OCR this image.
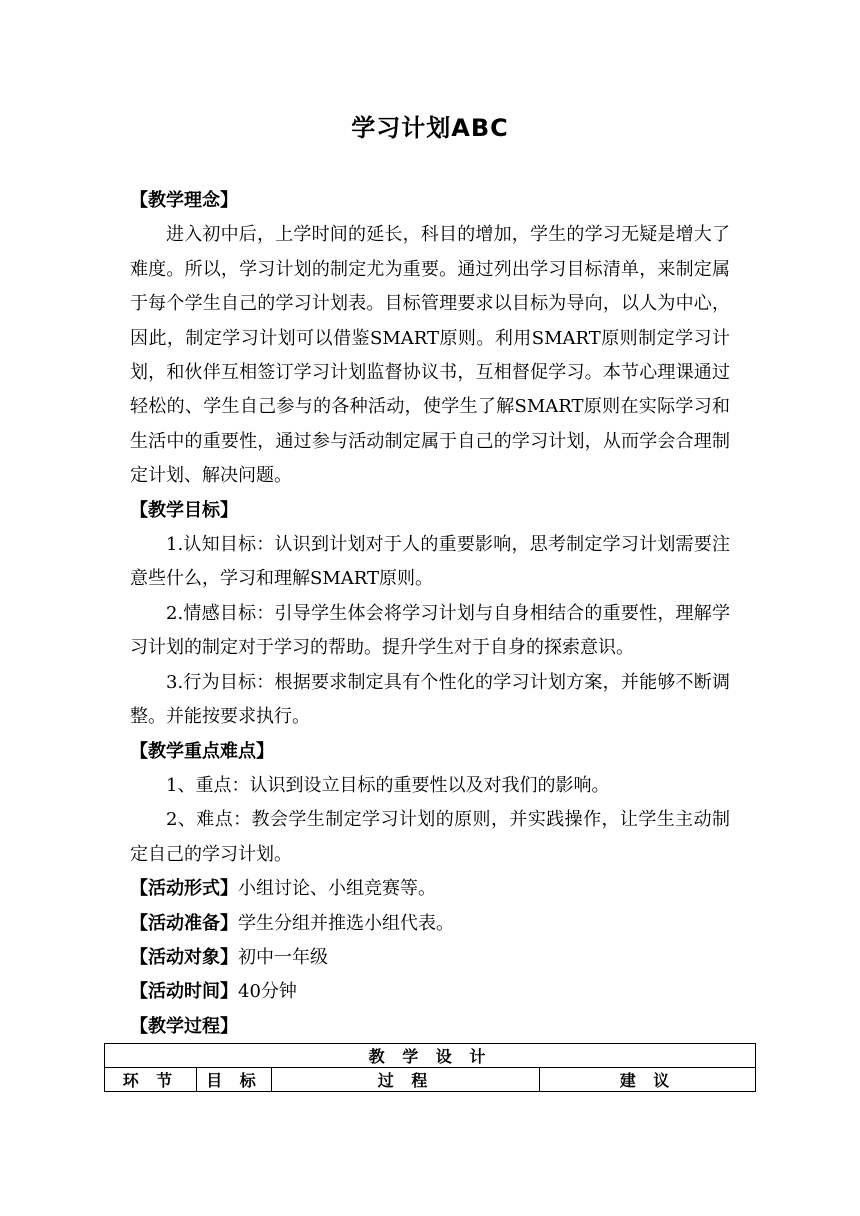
学习计划ABC

【教学理念】

进入初中后，上学时间的延长，科目的增加，学生的学习无疑是增大了难度。所以，学习计划的制定尤为重要。通过列出学习目标清单，来制定属于每个学生自己的学习计划表。目标管理要求以目标为导向，以人为中心，因此，制定学习计划可以借鉴SMART原则。利用SMART原则制定学习计划，和伙伴互相签订学习计划监督协议书，互相督促学习。本节心理课通过轻松的、学生自己参与的各种活动，使学生了解SMART原则在实际学习和生活中的重要性，通过参与活动制定属于自己的学习计划，从而学会合理制定计划、解决问题。

【教学目标】

1.认知目标：认识到计划对于人的重要影响，思考制定学习计划需要注意些什么，学习和理解SMART原则。

2.情感目标：引导学生体会将学习计划与自身相结合的重要性，理解学习计划的制定对于学习的帮助。提升学生对于自身的探索意识。

3.行为目标：根据要求制定具有个性化的学习计划方案，并能够不断调整。并能按要求执行。

【教学重点难点】

1、重点：认识到设立目标的重要性以及对我们的影响。

2、难点：教会学生制定学习计划的原则，并实践操作，让学生主动制定自己的学习计划。

【活动形式】小组讨论、小组竞赛等。

【活动准备】学生分组并推选小组代表。

【活动对象】初中一年级

【活动时间】40分钟

【教学过程】

教 学 设 计
环 节	目 标	过 程	建 议
